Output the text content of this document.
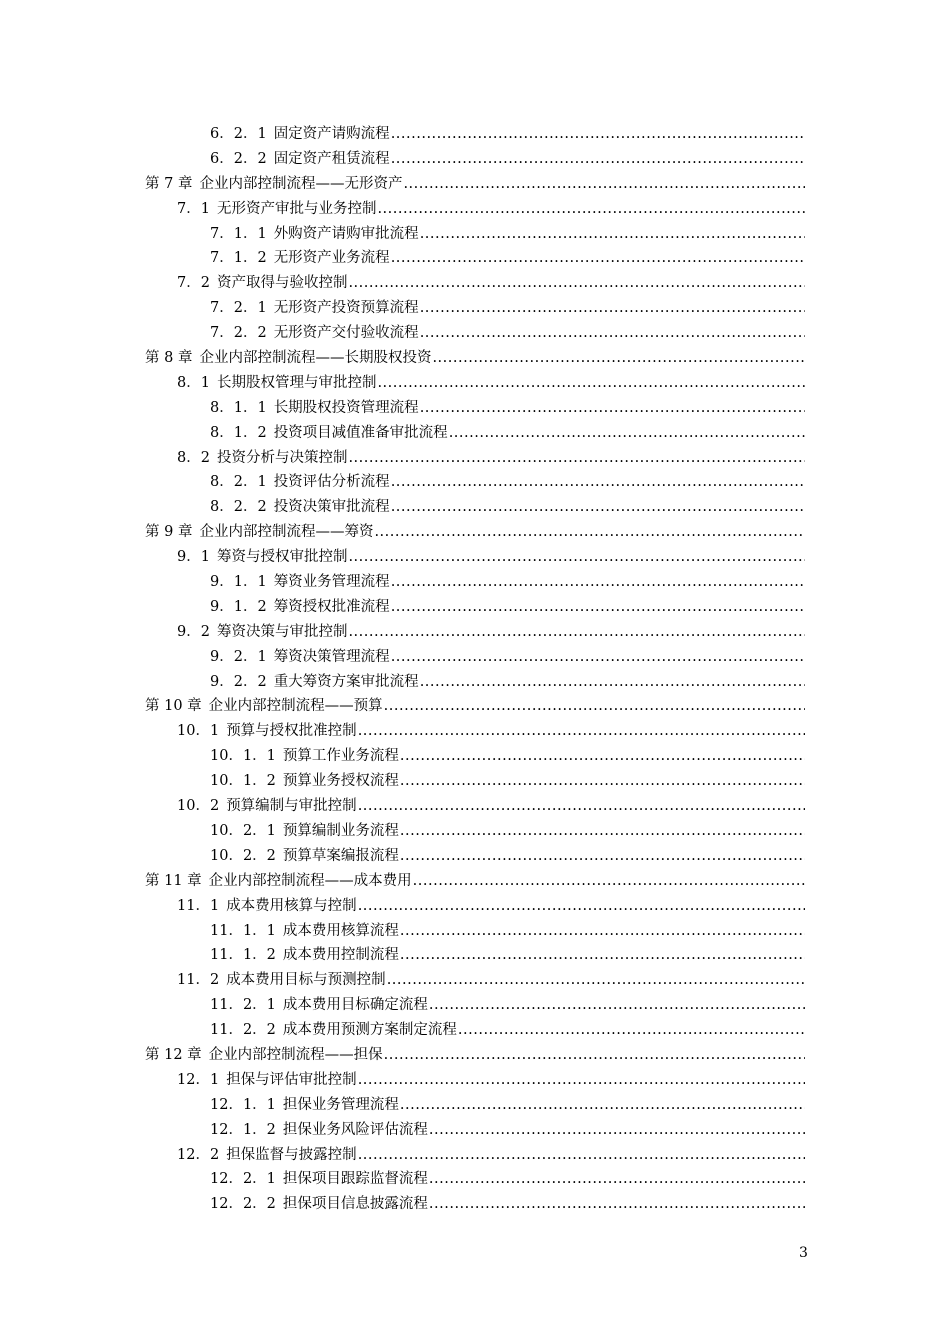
6．2．1 固定资产请购流程
.....
6．2．2 固定资产租赁流程
.....
第 7 章 企业内部控制流程——无形资产
.....
7．1 无形资产审批与业务控制
.....
7．1．1 外购资产请购审批流程
.....
7．1．2 无形资产业务流程
.....
7．2 资产取得与验收控制
.....
7．2．1 无形资产投资预算流程
.....
7．2．2 无形资产交付验收流程
.....
第 8 章 企业内部控制流程——长期股权投资
.....
8．1 长期股权管理与审批控制
.....
8．1．1 长期股权投资管理流程
.....
8．1．2 投资项目减值准备审批流程
.....
8．2 投资分析与决策控制
.....
8．2．1 投资评估分析流程
.....
8．2．2 投资决策审批流程
.....
第 9 章 企业内部控制流程——筹资
.....
9．1 筹资与授权审批控制
.....
9．1．1 筹资业务管理流程
.....
9．1．2 筹资授权批准流程
.....
9．2 筹资决策与审批控制
.....
9．2．1 筹资决策管理流程
.....
9．2．2 重大筹资方案审批流程
.....
第 10 章 企业内部控制流程——预算
.....
10．1 预算与授权批准控制
.....
10．1．1 预算工作业务流程
.....
10．1．2 预算业务授权流程
.....
10．2 预算编制与审批控制
.....
10．2．1 预算编制业务流程
.....
10．2．2 预算草案编报流程
.....
第 11 章 企业内部控制流程——成本费用
.....
11．1 成本费用核算与控制
.....
11．1．1 成本费用核算流程
.....
11．1．2 成本费用控制流程
.....
11．2 成本费用目标与预测控制
.....
11．2．1 成本费用目标确定流程
.....
11．2．2 成本费用预测方案制定流程
.....
第 12 章 企业内部控制流程——担保
.....
12．1 担保与评估审批控制
.....
12．1．1 担保业务管理流程
.....
12．1．2 担保业务风险评估流程
.....
12．2 担保监督与披露控制
.....
12．2．1 担保项目跟踪监督流程
.....
12．2．2 担保项目信息披露流程
.....
3
